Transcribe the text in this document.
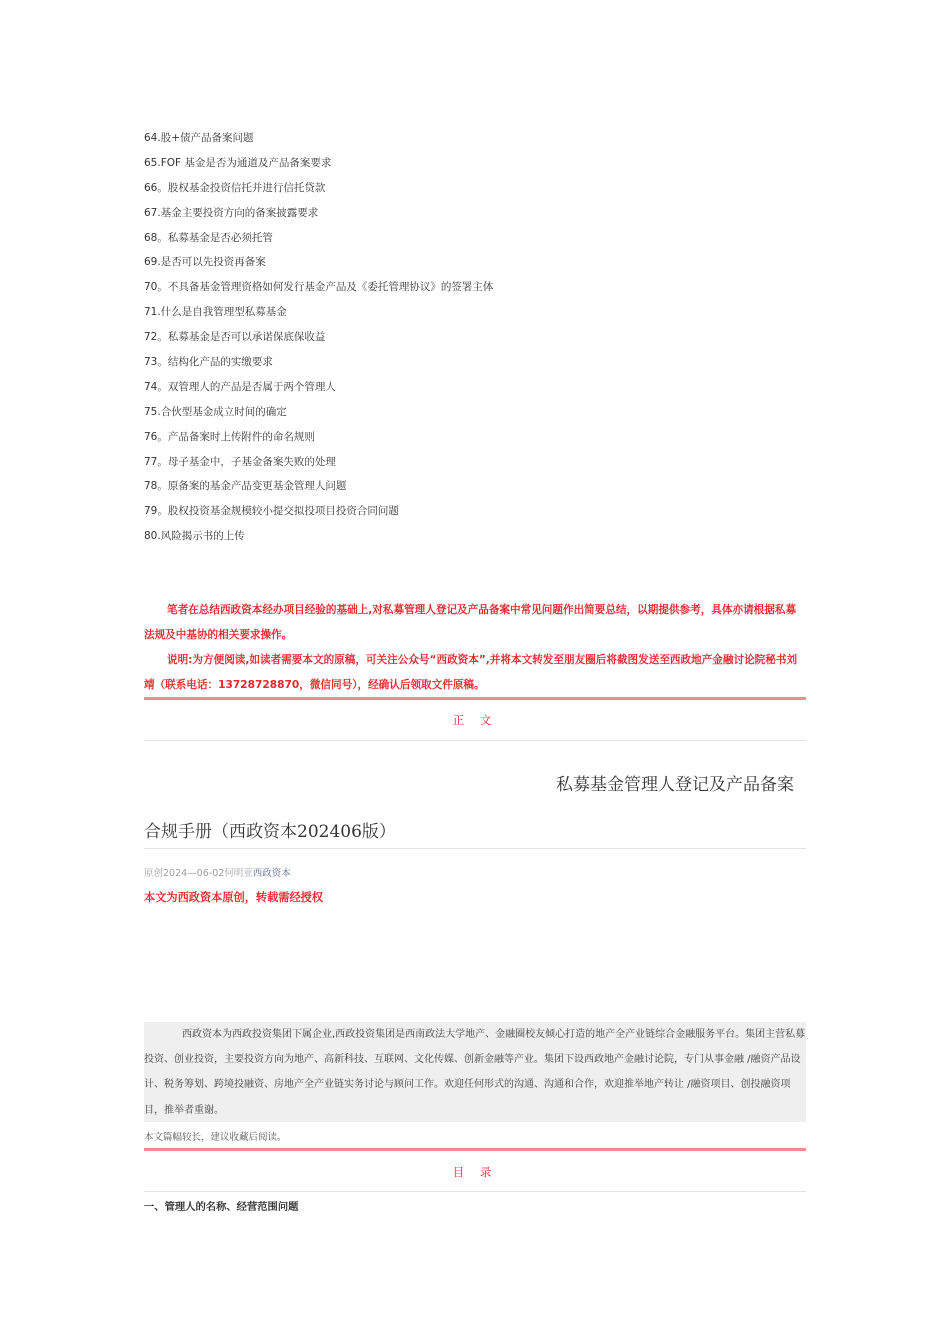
64.股+债产品备案问题
65.FOF 基金是否为通道及产品备案要求
66。股权基金投资信托并进行信托贷款
67.基金主要投资方向的备案披露要求
68。私募基金是否必须托管
69.是否可以先投资再备案
70。不具备基金管理资格如何发行基金产品及《委托管理协议》的签署主体
71.什么是自我管理型私募基金
72。私募基金是否可以承诺保底保收益
73。结构化产品的实缴要求
74。双管理人的产品是否属于两个管理人
75.合伙型基金成立时间的确定
76。产品备案时上传附件的命名规则
77。母子基金中，子基金备案失败的处理
78。原备案的基金产品变更基金管理人问题
79。股权投资基金规模较小提交拟投项目投资合同问题
80.风险揭示书的上传

笔者在总结西政资本经办项目经验的基础上,对私募管理人登记及产品备案中常见问题作出简要总结，以期提供参考，具体亦请根据私募法规及中基协的相关要求操作。

说明:为方便阅读,如读者需要本文的原稿，可关注公众号“西政资本”,并将本文转发至朋友圈后将截图发送至西政地产金融讨论院秘书刘靖（联系电话：13728728870，微信同号），经确认后领取文件原稿。

正 文
私募基金管理人登记及产品备案
合规手册（西政资本202406版）
原创2024—06-02何明亚西政资本
本文为西政资本原创，转载需经授权

西政资本为西政投资集团下属企业,西政投资集团是西南政法大学地产、金融圈校友倾心打造的地产全产业链综合金融服务平台。集团主营私募投资、创业投资，主要投资方向为地产、高新科技、互联网、文化传媒、创新金融等产业。集团下设西政地产金融讨论院，专门从事金融 /融资产品设计、税务筹划、跨境投融资、房地产全产业链实务讨论与顾问工作。欢迎任何形式的沟通、沟通和合作，欢迎推举地产转让 /融资项目、创投融资项目，推举者重谢。

本文篇幅较长，建议收藏后阅读。
目 录
一、管理人的名称、经营范围问题
